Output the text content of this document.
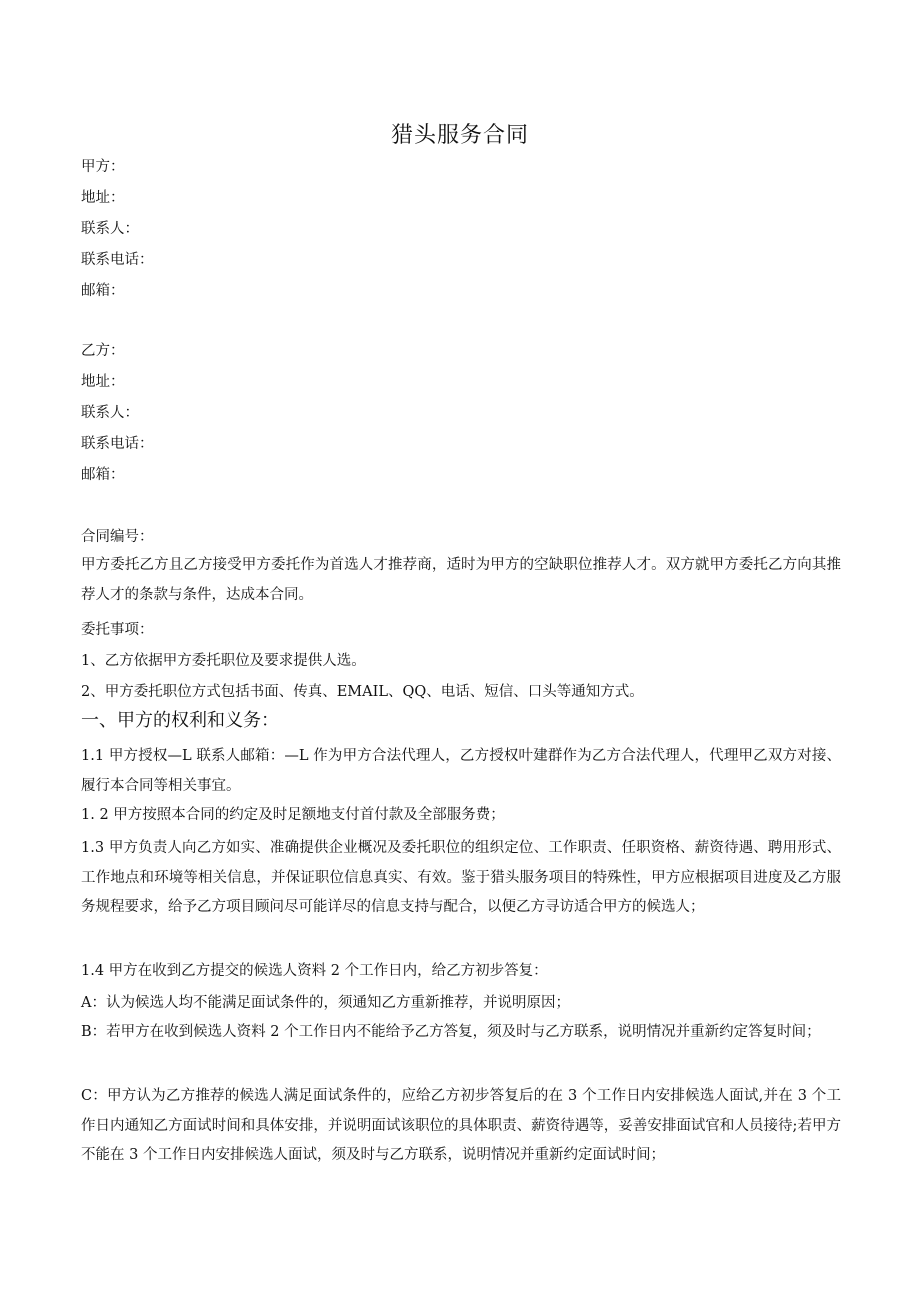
猎头服务合同
甲方：
地址：
联系人：
联系电话：
邮箱：
乙方：
地址：
联系人：
联系电话：
邮箱：
合同编号：
甲方委托乙方且乙方接受甲方委托作为首选人才推荐商，适时为甲方的空缺职位推荐人才。双方就甲方委托乙方向其推荐人才的条款与条件，达成本合同。
委托事项：
1、乙方依据甲方委托职位及要求提供人选。
2、甲方委托职位方式包括书面、传真、EMAIL、QQ、电话、短信、口头等通知方式。
一、甲方的权利和义务：
1.1 甲方授权—L 联系人邮箱：—L 作为甲方合法代理人，乙方授权叶建群作为乙方合法代理人，代理甲乙双方对接、履行本合同等相关事宜。
1. 2 甲方按照本合同的约定及时足额地支付首付款及全部服务费；
1.3 甲方负责人向乙方如实、准确提供企业概况及委托职位的组织定位、工作职责、任职资格、薪资待遇、聘用形式、工作地点和环境等相关信息，并保证职位信息真实、有效。鉴于猎头服务项目的特殊性，甲方应根据项目进度及乙方服务规程要求，给予乙方项目顾问尽可能详尽的信息支持与配合，以便乙方寻访适合甲方的候选人；
1.4 甲方在收到乙方提交的候选人资料 2 个工作日内，给乙方初步答复：
A：认为候选人均不能满足面试条件的，须通知乙方重新推荐，并说明原因；
B：若甲方在收到候选人资料 2 个工作日内不能给予乙方答复，须及时与乙方联系，说明情况并重新约定答复时间；
C：甲方认为乙方推荐的候选人满足面试条件的，应给乙方初步答复后的在 3 个工作日内安排候选人面试,并在 3 个工作日内通知乙方面试时间和具体安排，并说明面试该职位的具体职责、薪资待遇等，妥善安排面试官和人员接待;若甲方不能在 3 个工作日内安排候选人面试，须及时与乙方联系，说明情况并重新约定面试时间；
